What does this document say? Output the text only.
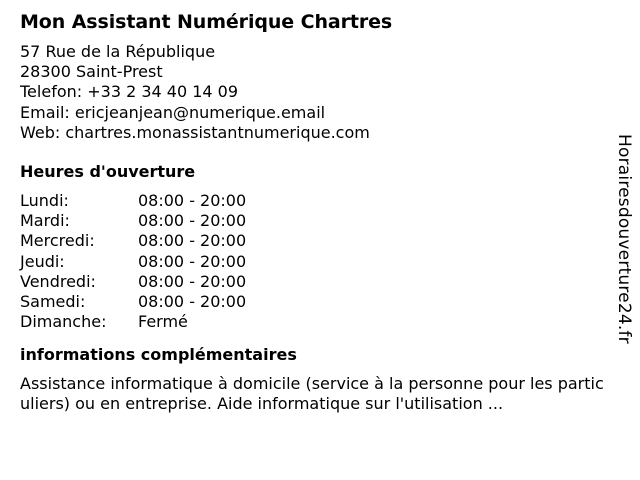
Mon Assistant Numérique Chartres
57 Rue de la République
28300 Saint-Prest
Telefon: +33 2 34 40 14 09
Email: ericjeanjean@numerique.email
Web: chartres.monassistantnumerique.com
Heures d'ouverture
Lundi:	08:00 - 20:00
Mardi:	08:00 - 20:00
Mercredi:	08:00 - 20:00
Jeudi:	08:00 - 20:00
Vendredi:	08:00 - 20:00
Samedi:	08:00 - 20:00
Dimanche:	Fermé
informations complémentaires
Assistance informatique à domicile (service à la personne pour les particuliers) ou en entreprise. Aide informatique sur l'utilisation ...
Horairesdouverture24.fr
